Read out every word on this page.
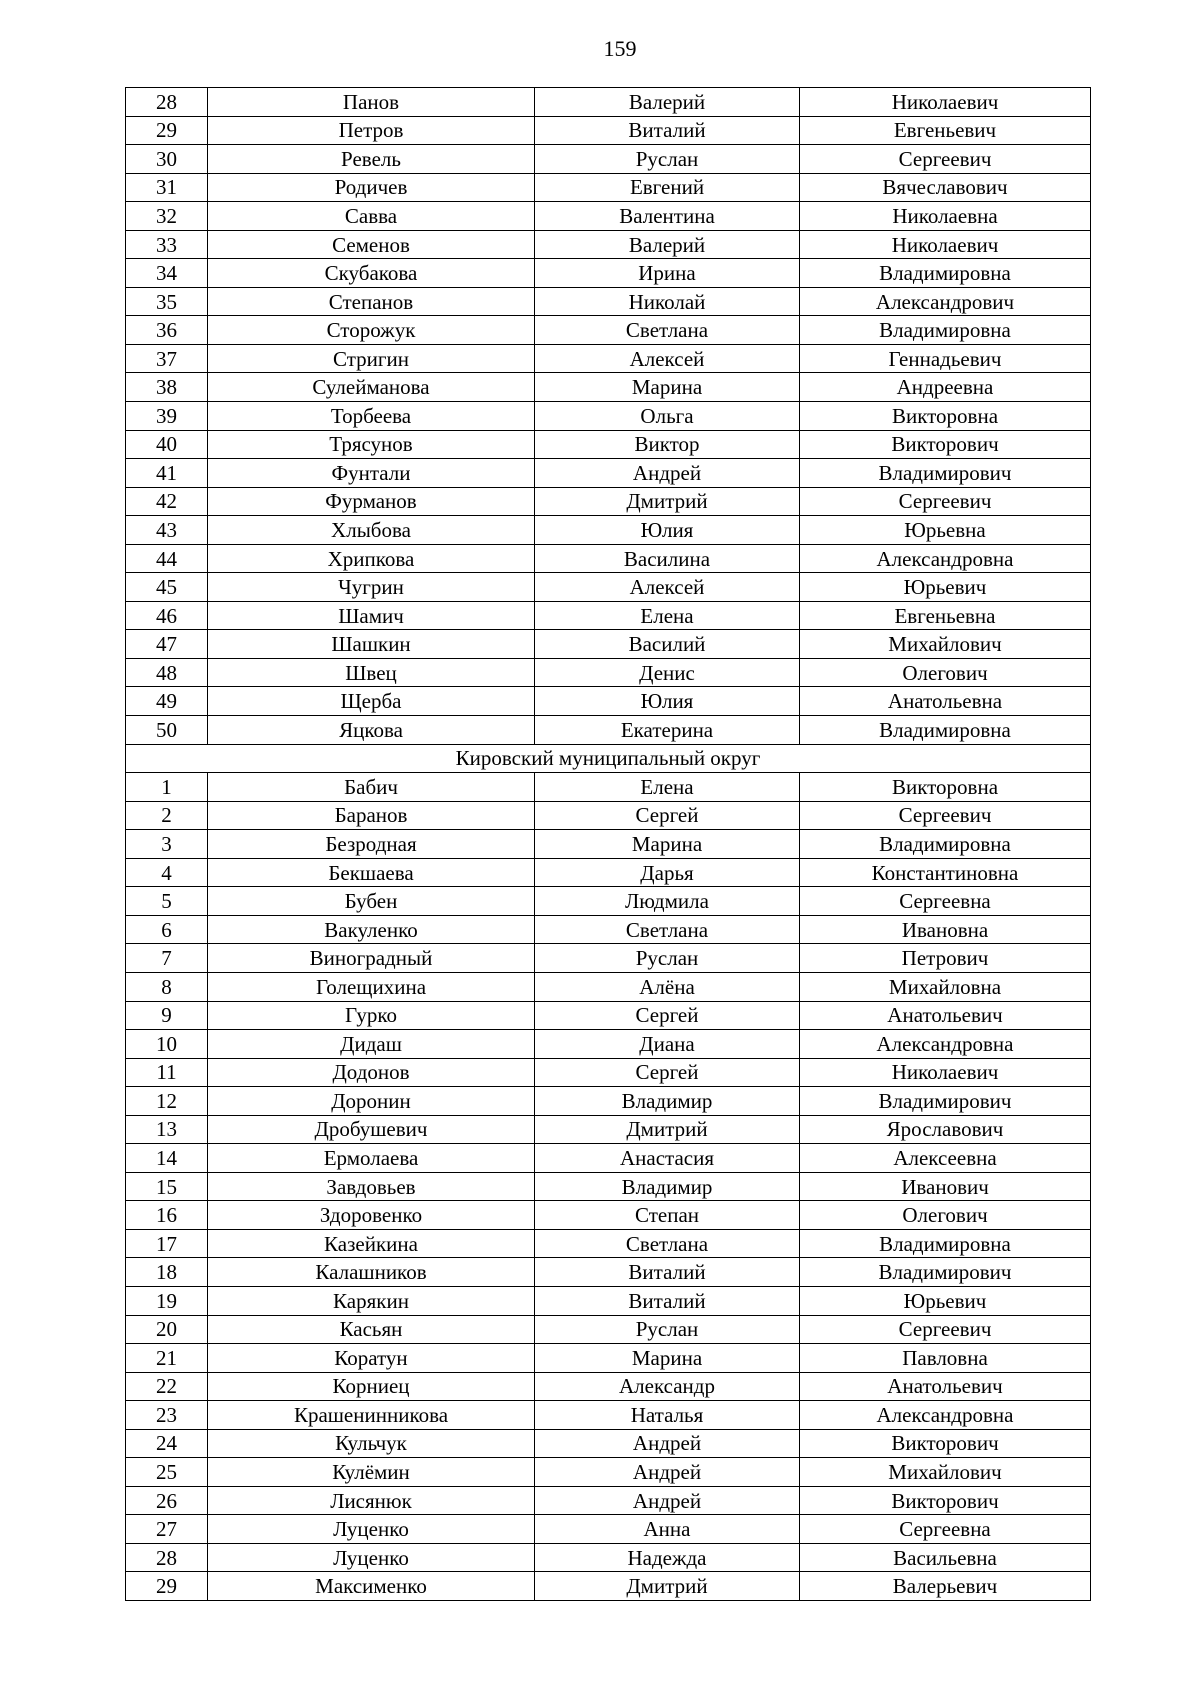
159
28	Панов	Валерий	Николаевич
29	Петров	Виталий	Евгеньевич
30	Ревель	Руслан	Сергеевич
31	Родичев	Евгений	Вячеславович
32	Савва	Валентина	Николаевна
33	Семенов	Валерий	Николаевич
34	Скубакова	Ирина	Владимировна
35	Степанов	Николай	Александрович
36	Сторожук	Светлана	Владимировна
37	Стригин	Алексей	Геннадьевич
38	Сулейманова	Марина	Андреевна
39	Торбеева	Ольга	Викторовна
40	Трясунов	Виктор	Викторович
41	Фунтали	Андрей	Владимирович
42	Фурманов	Дмитрий	Сергеевич
43	Хлыбова	Юлия	Юрьевна
44	Хрипкова	Василина	Александровна
45	Чугрин	Алексей	Юрьевич
46	Шамич	Елена	Евгеньевна
47	Шашкин	Василий	Михайлович
48	Швец	Денис	Олегович
49	Щерба	Юлия	Анатольевна
50	Яцкова	Екатерина	Владимировна
Кировский муниципальный округ			
1	Бабич	Елена	Викторовна
2	Баранов	Сергей	Сергеевич
3	Безродная	Марина	Владимировна
4	Бекшаева	Дарья	Константиновна
5	Бубен	Людмила	Сергеевна
6	Вакуленко	Светлана	Ивановна
7	Виноградный	Руслан	Петрович
8	Голещихина	Алёна	Михайловна
9	Гурко	Сергей	Анатольевич
10	Дидаш	Диана	Александровна
11	Додонов	Сергей	Николаевич
12	Доронин	Владимир	Владимирович
13	Дробушевич	Дмитрий	Ярославович
14	Ермолаева	Анастасия	Алексеевна
15	Завдовьев	Владимир	Иванович
16	Здоровенко	Степан	Олегович
17	Казейкина	Светлана	Владимировна
18	Калашников	Виталий	Владимирович
19	Карякин	Виталий	Юрьевич
20	Касьян	Руслан	Сергеевич
21	Коратун	Марина	Павловна
22	Корниец	Александр	Анатольевич
23	Крашенинникова	Наталья	Александровна
24	Кульчук	Андрей	Викторович
25	Кулёмин	Андрей	Михайлович
26	Лисянюк	Андрей	Викторович
27	Луценко	Анна	Сергеевна
28	Луценко	Надежда	Васильевна
29	Максименко	Дмитрий	Валерьевич
